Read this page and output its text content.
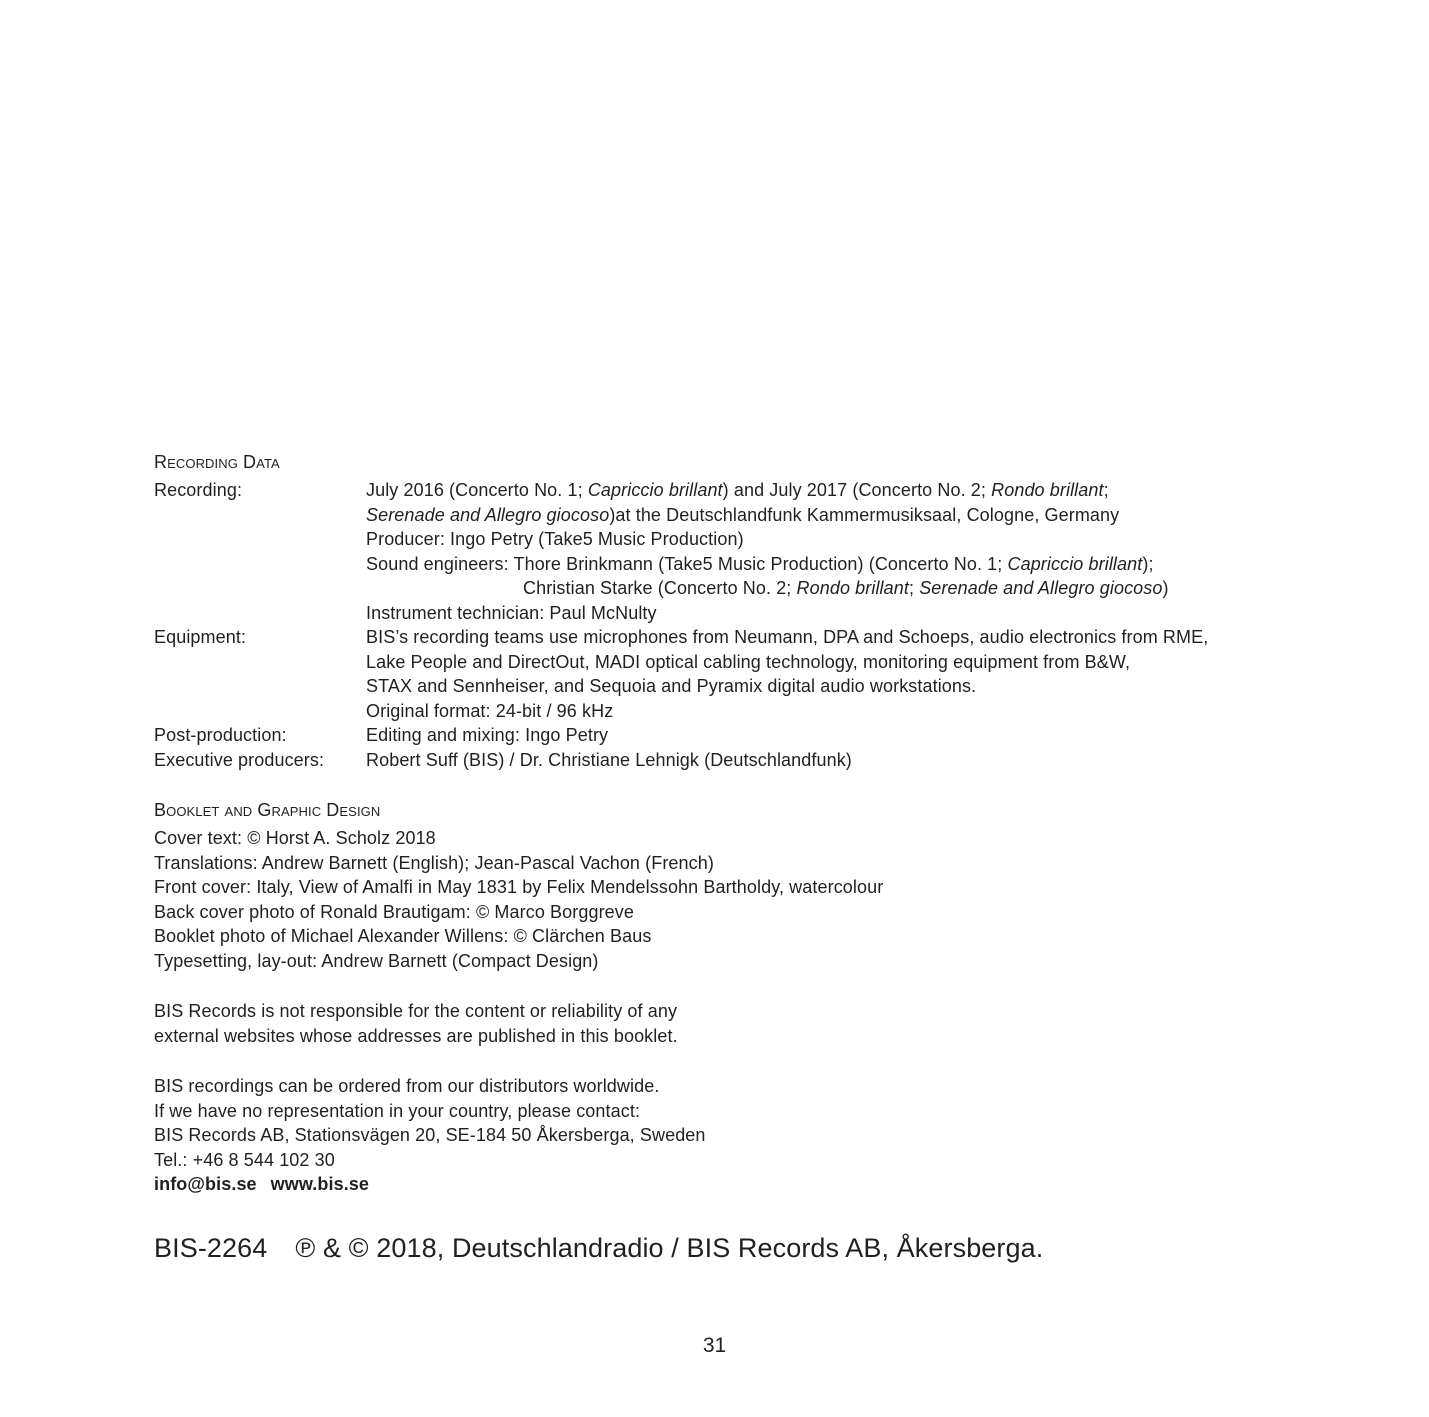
Recording Data
Recording:	July 2016 (Concerto No. 1; Capriccio brillant) and July 2017 (Concerto No. 2; Rondo brillant;
Serenade and Allegro giocoso)at the Deutschlandfunk Kammermusiksaal, Cologne, Germany
Producer: Ingo Petry (Take5 Music Production)
Sound engineers: Thore Brinkmann (Take5 Music Production) (Concerto No. 1; Capriccio brillant);
Christian Starke (Concerto No. 2; Rondo brillant; Serenade and Allegro giocoso)
Instrument technician: Paul McNulty
Equipment:	BIS’s recording teams use microphones from Neumann, DPA and Schoeps, audio electronics from RME,
Lake People and DirectOut, MADI optical cabling technology, monitoring equipment from B&W,
STAX and Sennheiser, and Sequoia and Pyramix digital audio workstations.
Original format: 24-bit / 96 kHz
Post-production:	Editing and mixing: Ingo Petry
Executive producers:	Robert Suff (BIS) / Dr. Christiane Lehnigk (Deutschlandfunk)
Booklet and Graphic Design
Cover text: © Horst A. Scholz 2018
Translations: Andrew Barnett (English); Jean-Pascal Vachon (French)
Front cover: Italy, View of Amalfi in May 1831 by Felix Mendelssohn Bartholdy, watercolour
Back cover photo of Ronald Brautigam: © Marco Borggreve
Booklet photo of Michael Alexander Willens: © Clärchen Baus
Typesetting, lay-out: Andrew Barnett (Compact Design)
BIS Records is not responsible for the content or reliability of any
external websites whose addresses are published in this booklet.
BIS recordings can be ordered from our distributors worldwide.
If we have no representation in your country, please contact:
BIS Records AB, Stationsvägen 20, SE-184 50 Åkersberga, Sweden
Tel.: +46 8 544 102 30
info@bis.se www.bis.se
BIS-2264 ℗ & © 2018, Deutschlandradio / BIS Records AB, Åkersberga.
31
